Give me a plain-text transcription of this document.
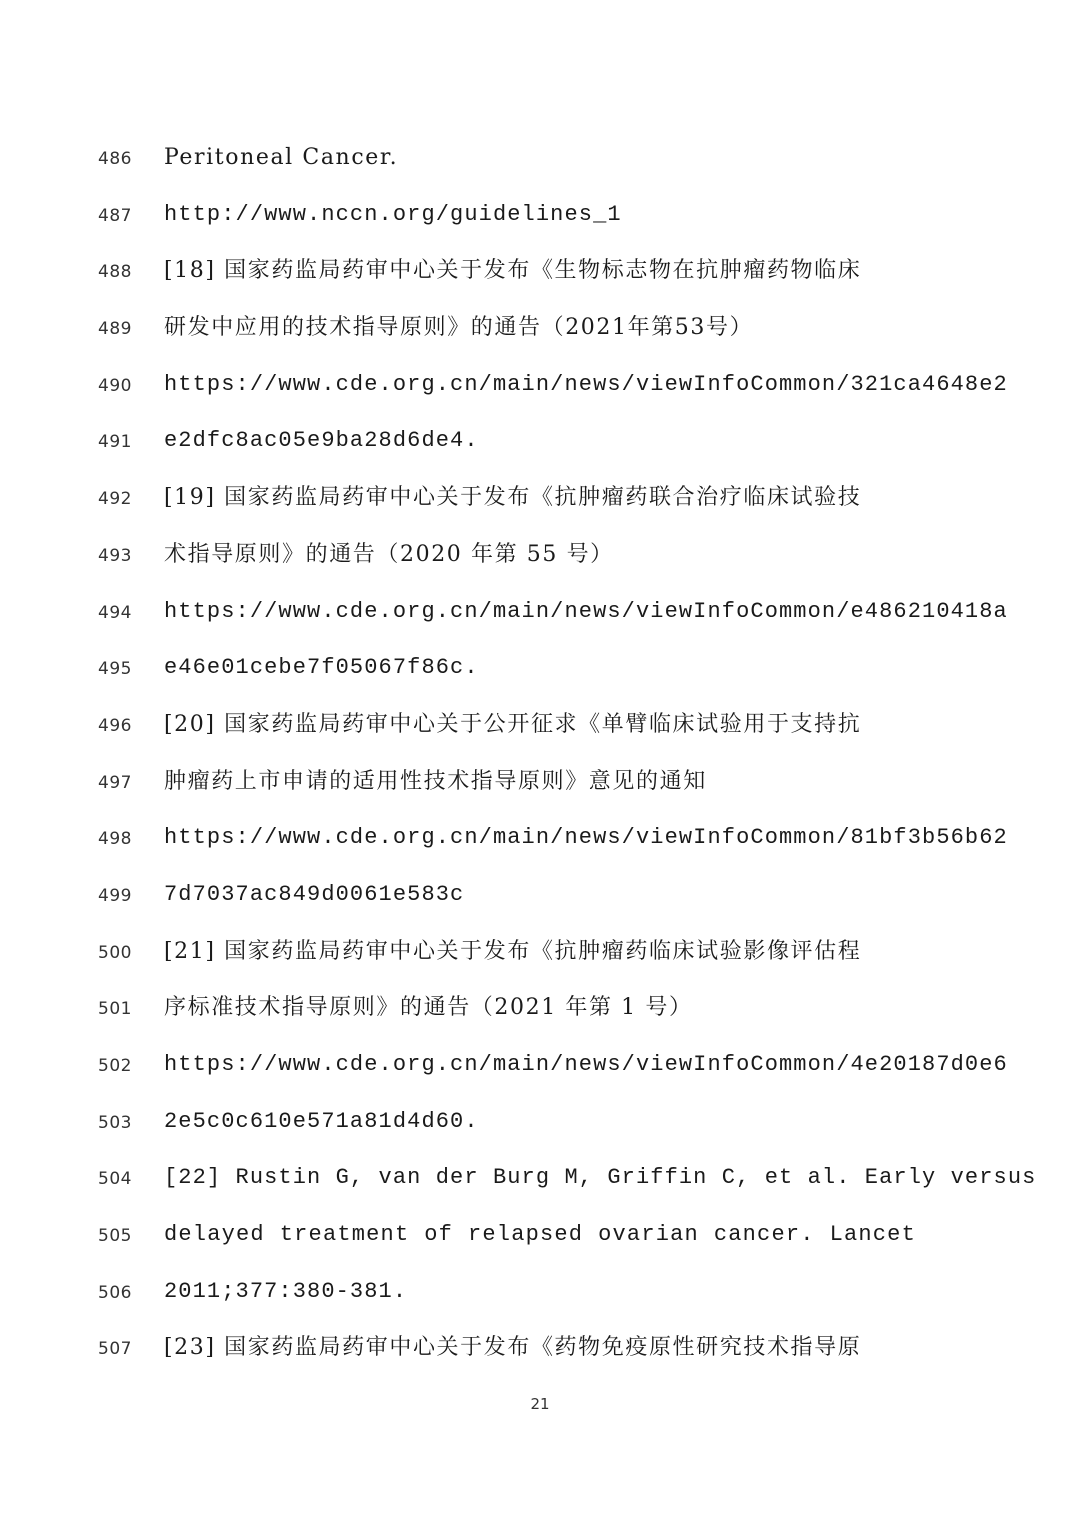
486 Peritoneal Cancer.
487 http://www.nccn.org/guidelines_1
488 [18] 国家药监局药审中心关于发布《生物标志物在抗肿瘤药物临床
489 研发中应用的技术指导原则》的通告（2021年第53号）
490 https://www.cde.org.cn/main/news/viewInfoCommon/321ca4648e2
491 e2dfc8ac05e9ba28d6de4.
492 [19] 国家药监局药审中心关于发布《抗肿瘤药联合治疗临床试验技
493 术指导原则》的通告（2020 年第 55 号）
494 https://www.cde.org.cn/main/news/viewInfoCommon/e486210418a
495 e46e01cebe7f05067f86c.
496 [20] 国家药监局药审中心关于公开征求《单臂临床试验用于支持抗
497 肿瘤药上市申请的适用性技术指导原则》意见的通知
498 https://www.cde.org.cn/main/news/viewInfoCommon/81bf3b56b62
499 7d7037ac849d0061e583c
500 [21] 国家药监局药审中心关于发布《抗肿瘤药临床试验影像评估程
501 序标准技术指导原则》的通告（2021 年第 1 号）
502 https://www.cde.org.cn/main/news/viewInfoCommon/4e20187d0e6
503 2e5c0c610e571a81d4d60.
504 [22] Rustin G, van der Burg M, Griffin C, et al. Early versus
505 delayed treatment of relapsed ovarian cancer. Lancet
506 2011;377:380-381.
507 [23] 国家药监局药审中心关于发布《药物免疫原性研究技术指导原
21
